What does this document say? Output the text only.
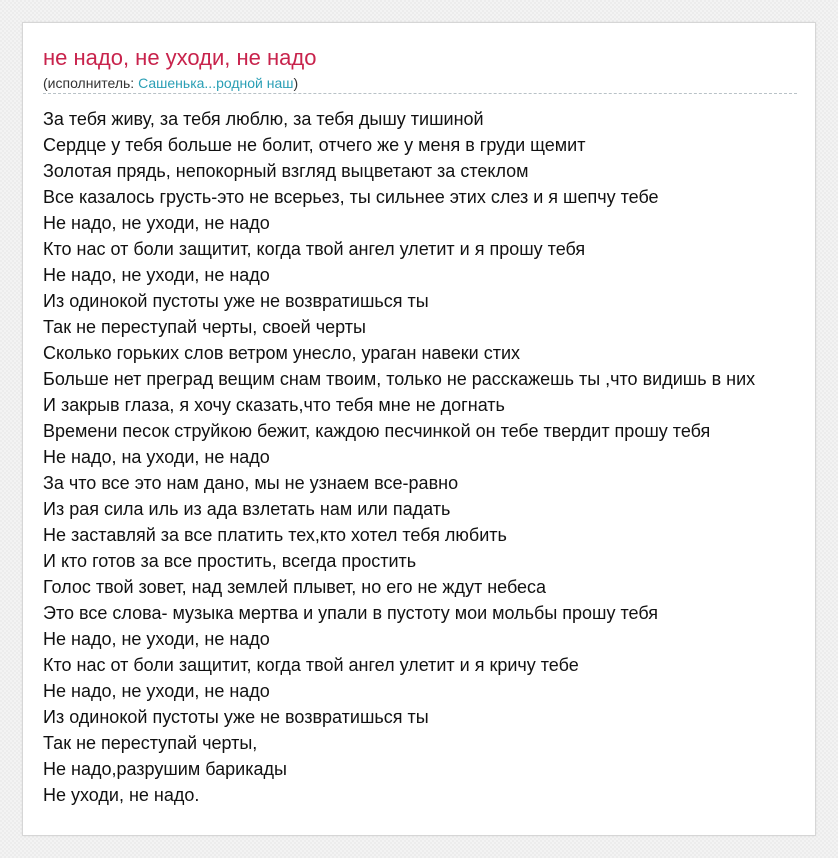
не надо, не уходи, не надо
(исполнитель: Сашенька...родной наш)
За тебя живу, за тебя люблю, за тебя дышу тишиной
Сердце у тебя больше не болит, отчего же у меня в груди щемит
Золотая прядь, непокорный взгляд выцветают за стеклом
Все казалось грусть-это не всерьез, ты сильнее этих слез и я шепчу тебе
Не надо, не уходи, не надо
Кто нас от боли защитит, когда твой ангел улетит и я прошу тебя
Не надо, не уходи, не надо
Из одинокой пустоты уже не возвратишься ты
Так не переступай черты, своей черты
Сколько горьких слов ветром унесло, ураган навеки стих
Больше нет преград вещим снам твоим, только не расскажешь ты ,что видишь в них
И закрыв глаза, я хочу сказать,что тебя мне не догнать
Времени песок струйкою бежит, каждою песчинкой он тебе твердит прошу тебя
Не надо, на уходи, не надо
За что все это нам дано, мы не узнаем все-равно
Из рая сила иль из ада взлетать нам или падать
Не заставляй за все платить тех,кто хотел тебя любить
И кто готов за все простить, всегда простить
Голос твой зовет, над землей плывет, но его не ждут небеса
Это все слова- музыка мертва и упали в пустоту мои мольбы прошу тебя
Не надо, не уходи, не надо
Кто нас от боли защитит, когда твой ангел улетит и я кричу тебе
Не надо, не уходи, не надо
Из одинокой пустоты уже не возвратишься ты
Так не переступай черты,
Не надо,разрушим барикады
Не уходи, не надо.
